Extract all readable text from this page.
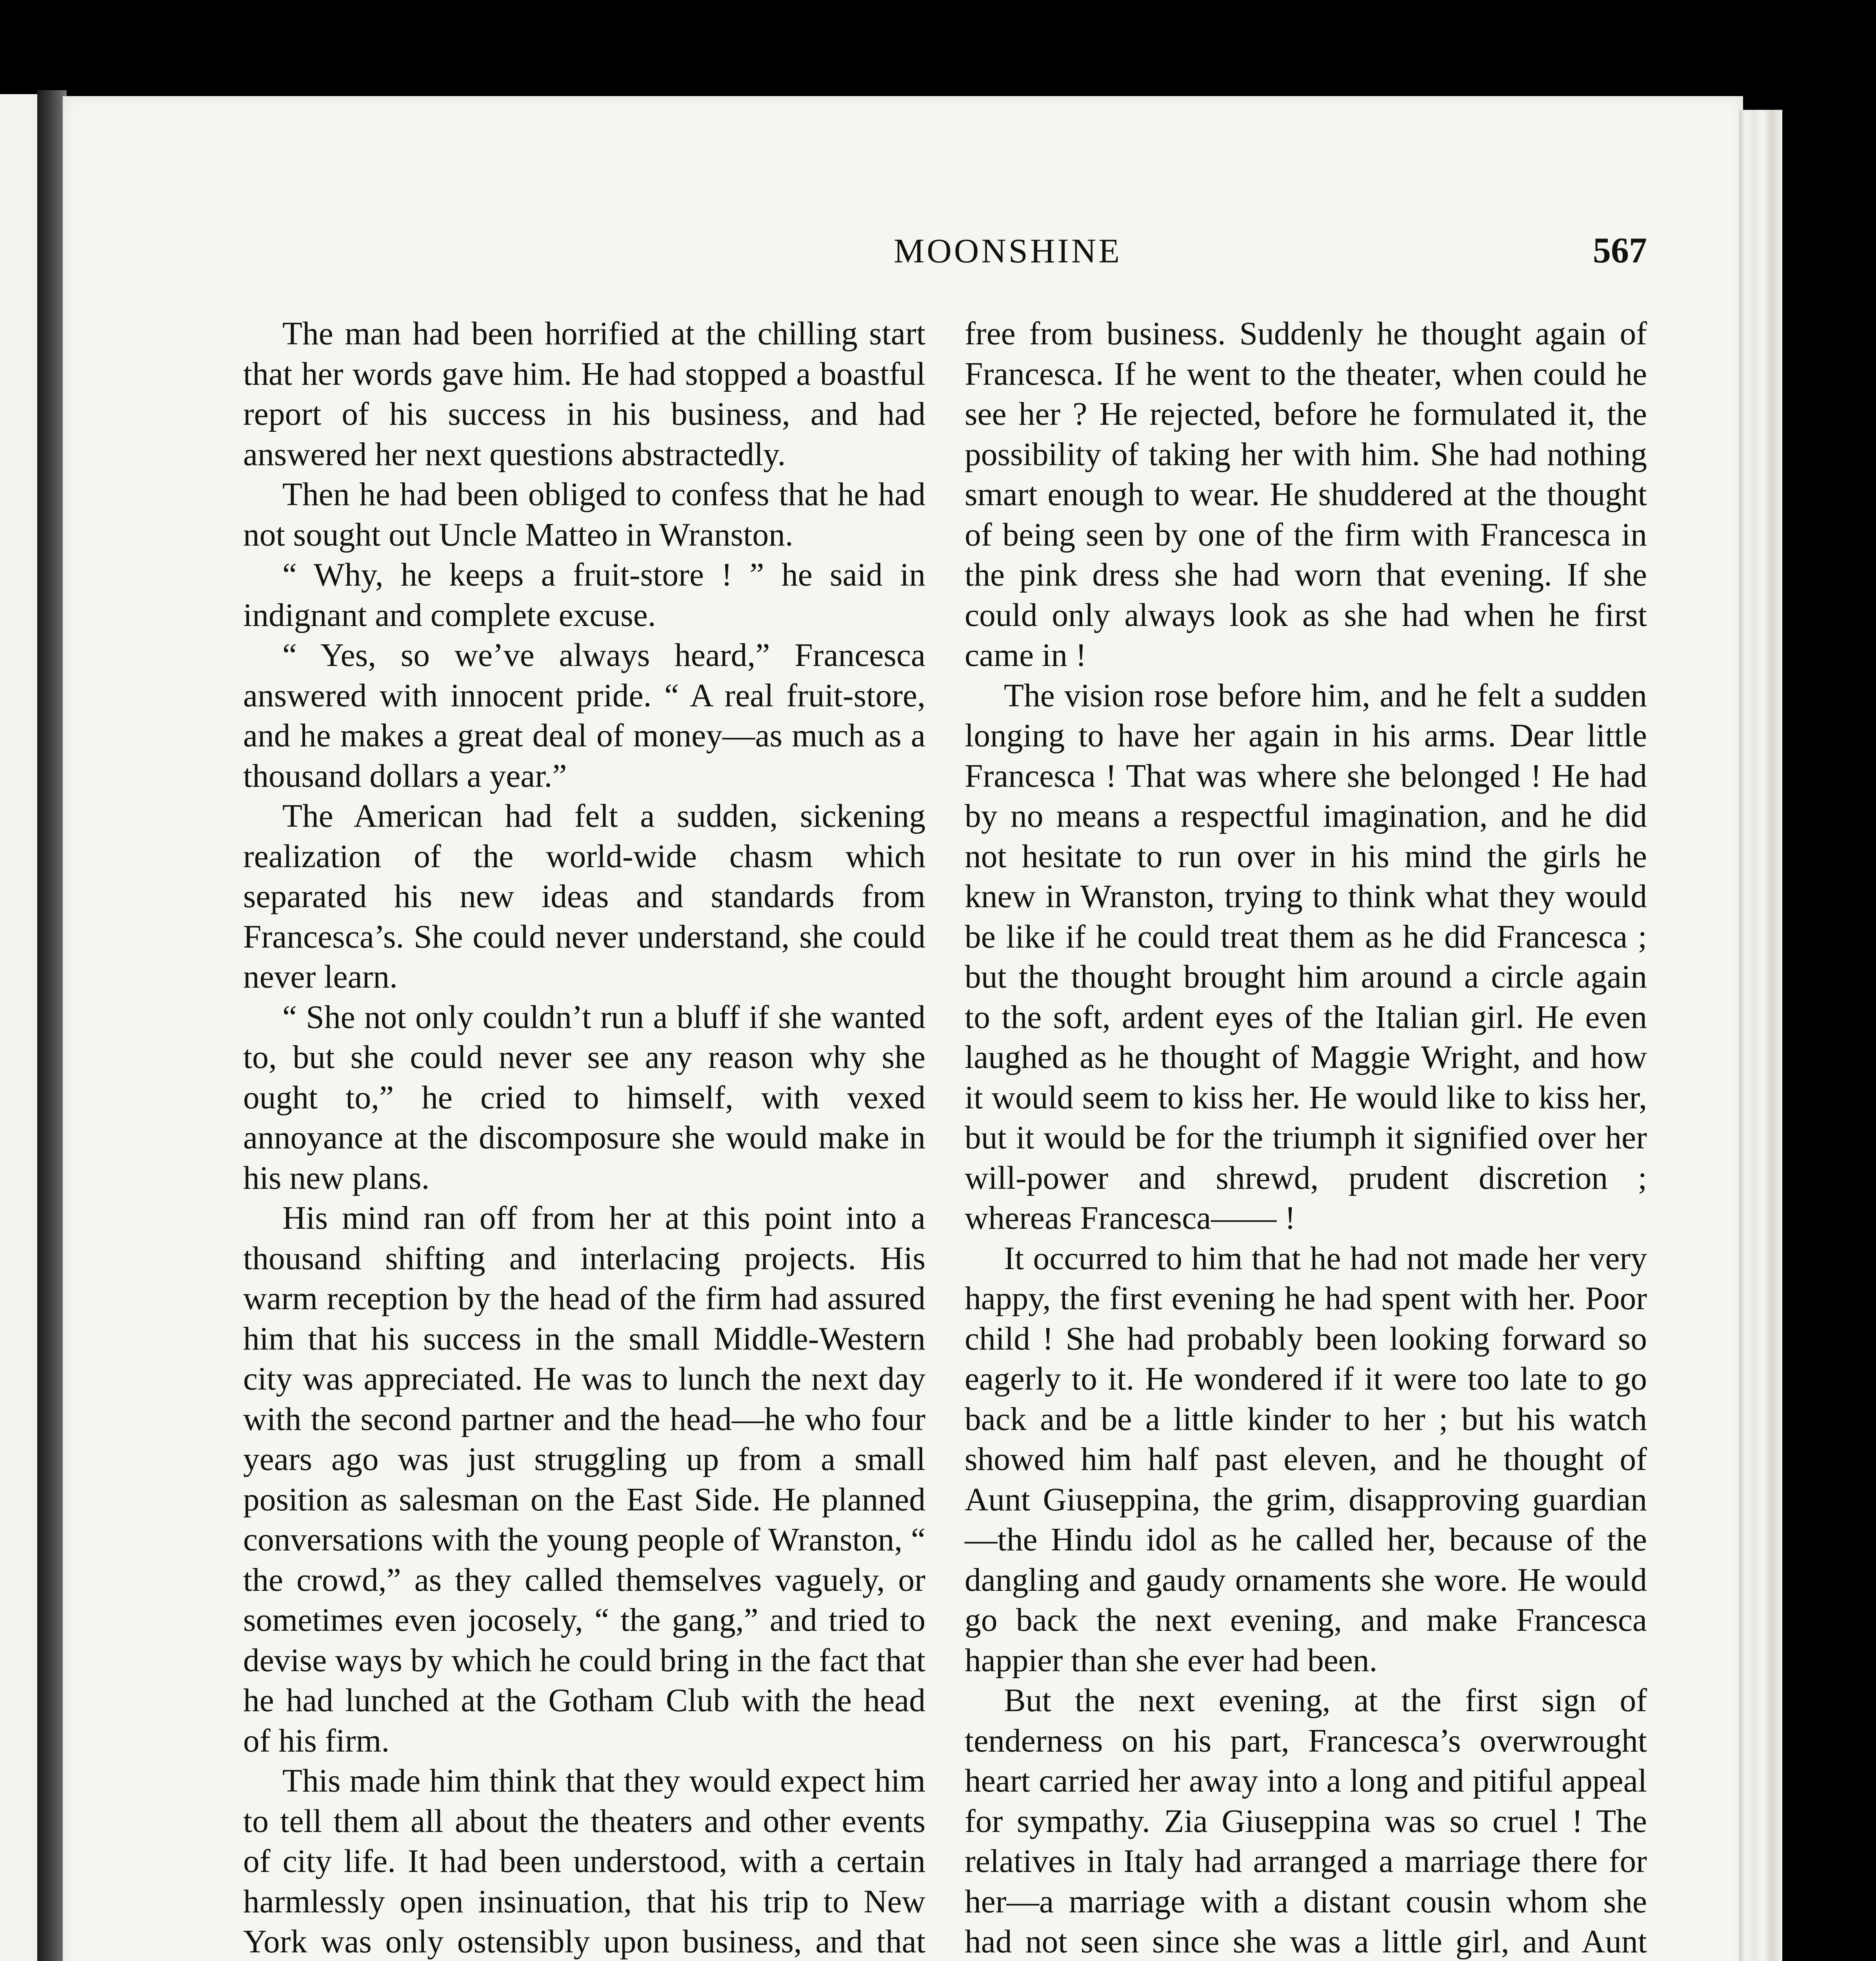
MOONSHINE	567

The man had been horrified at the chilling start that her words gave him. He had stopped a boastful report of his success in his business, and had answered her next questions abstractedly.

Then he had been obliged to confess that he had not sought out Uncle Matteo in Wranston.

“ Why, he keeps a fruit-store ! ” he said in indignant and complete excuse.

“ Yes, so we’ve always heard,” Francesca answered with innocent pride. “ A real fruit-store, and he makes a great deal of money—as much as a thousand dollars a year.”

The American had felt a sudden, sickening realization of the world-wide chasm which separated his new ideas and standards from Francesca’s. She could never understand, she could never learn.

“ She not only couldn’t run a bluff if she wanted to, but she could never see any reason why she ought to,” he cried to himself, with vexed annoyance at the discomposure she would make in his new plans.

His mind ran off from her at this point into a thousand shifting and interlacing projects. His warm reception by the head of the firm had assured him that his success in the small Middle-Western city was appreciated. He was to lunch the next day with the second partner and the head—he who four years ago was just struggling up from a small position as salesman on the East Side. He planned conversations with the young people of Wranston, “ the crowd,” as they called themselves vaguely, or sometimes even jocosely, “ the gang,” and tried to devise ways by which he could bring in the fact that he had lunched at the Gotham Club with the head of his firm.

This made him think that they would expect him to tell them all about the theaters and other events of city life. It had been understood, with a certain harmlessly open insinuation, that his trip to New York was only ostensibly upon business, and that

free from business. Suddenly he thought again of Francesca. If he went to the theater, when could he see her ? He rejected, before he formulated it, the possibility of taking her with him. She had nothing smart enough to wear. He shuddered at the thought of being seen by one of the firm with Francesca in the pink dress she had worn that evening. If she could only always look as she had when he first came in !

The vision rose before him, and he felt a sudden longing to have her again in his arms. Dear little Francesca ! That was where she belonged ! He had by no means a respectful imagination, and he did not hesitate to run over in his mind the girls he knew in Wranston, trying to think what they would be like if he could treat them as he did Francesca ; but the thought brought him around a circle again to the soft, ardent eyes of the Italian girl. He even laughed as he thought of Maggie Wright, and how it would seem to kiss her. He would like to kiss her, but it would be for the triumph it signified over her will-power and shrewd, prudent discretion ; whereas Francesca—— !

It occurred to him that he had not made her very happy, the first evening he had spent with her. Poor child ! She had probably been looking forward so eagerly to it. He wondered if it were too late to go back and be a little kinder to her ; but his watch showed him half past eleven, and he thought of Aunt Giuseppina, the grim, disapproving guardian—the Hindu idol as he called her, because of the dangling and gaudy ornaments she wore. He would go back the next evening, and make Francesca happier than she ever had been.

But the next evening, at the first sign of tenderness on his part, Francesca’s overwrought heart carried her away into a long and pitiful appeal for sympathy. Zia Giuseppina was so cruel ! The relatives in Italy had arranged a marriage there for her—a marriage with a distant cousin whom she had not seen since she was a little girl, and Aunt
